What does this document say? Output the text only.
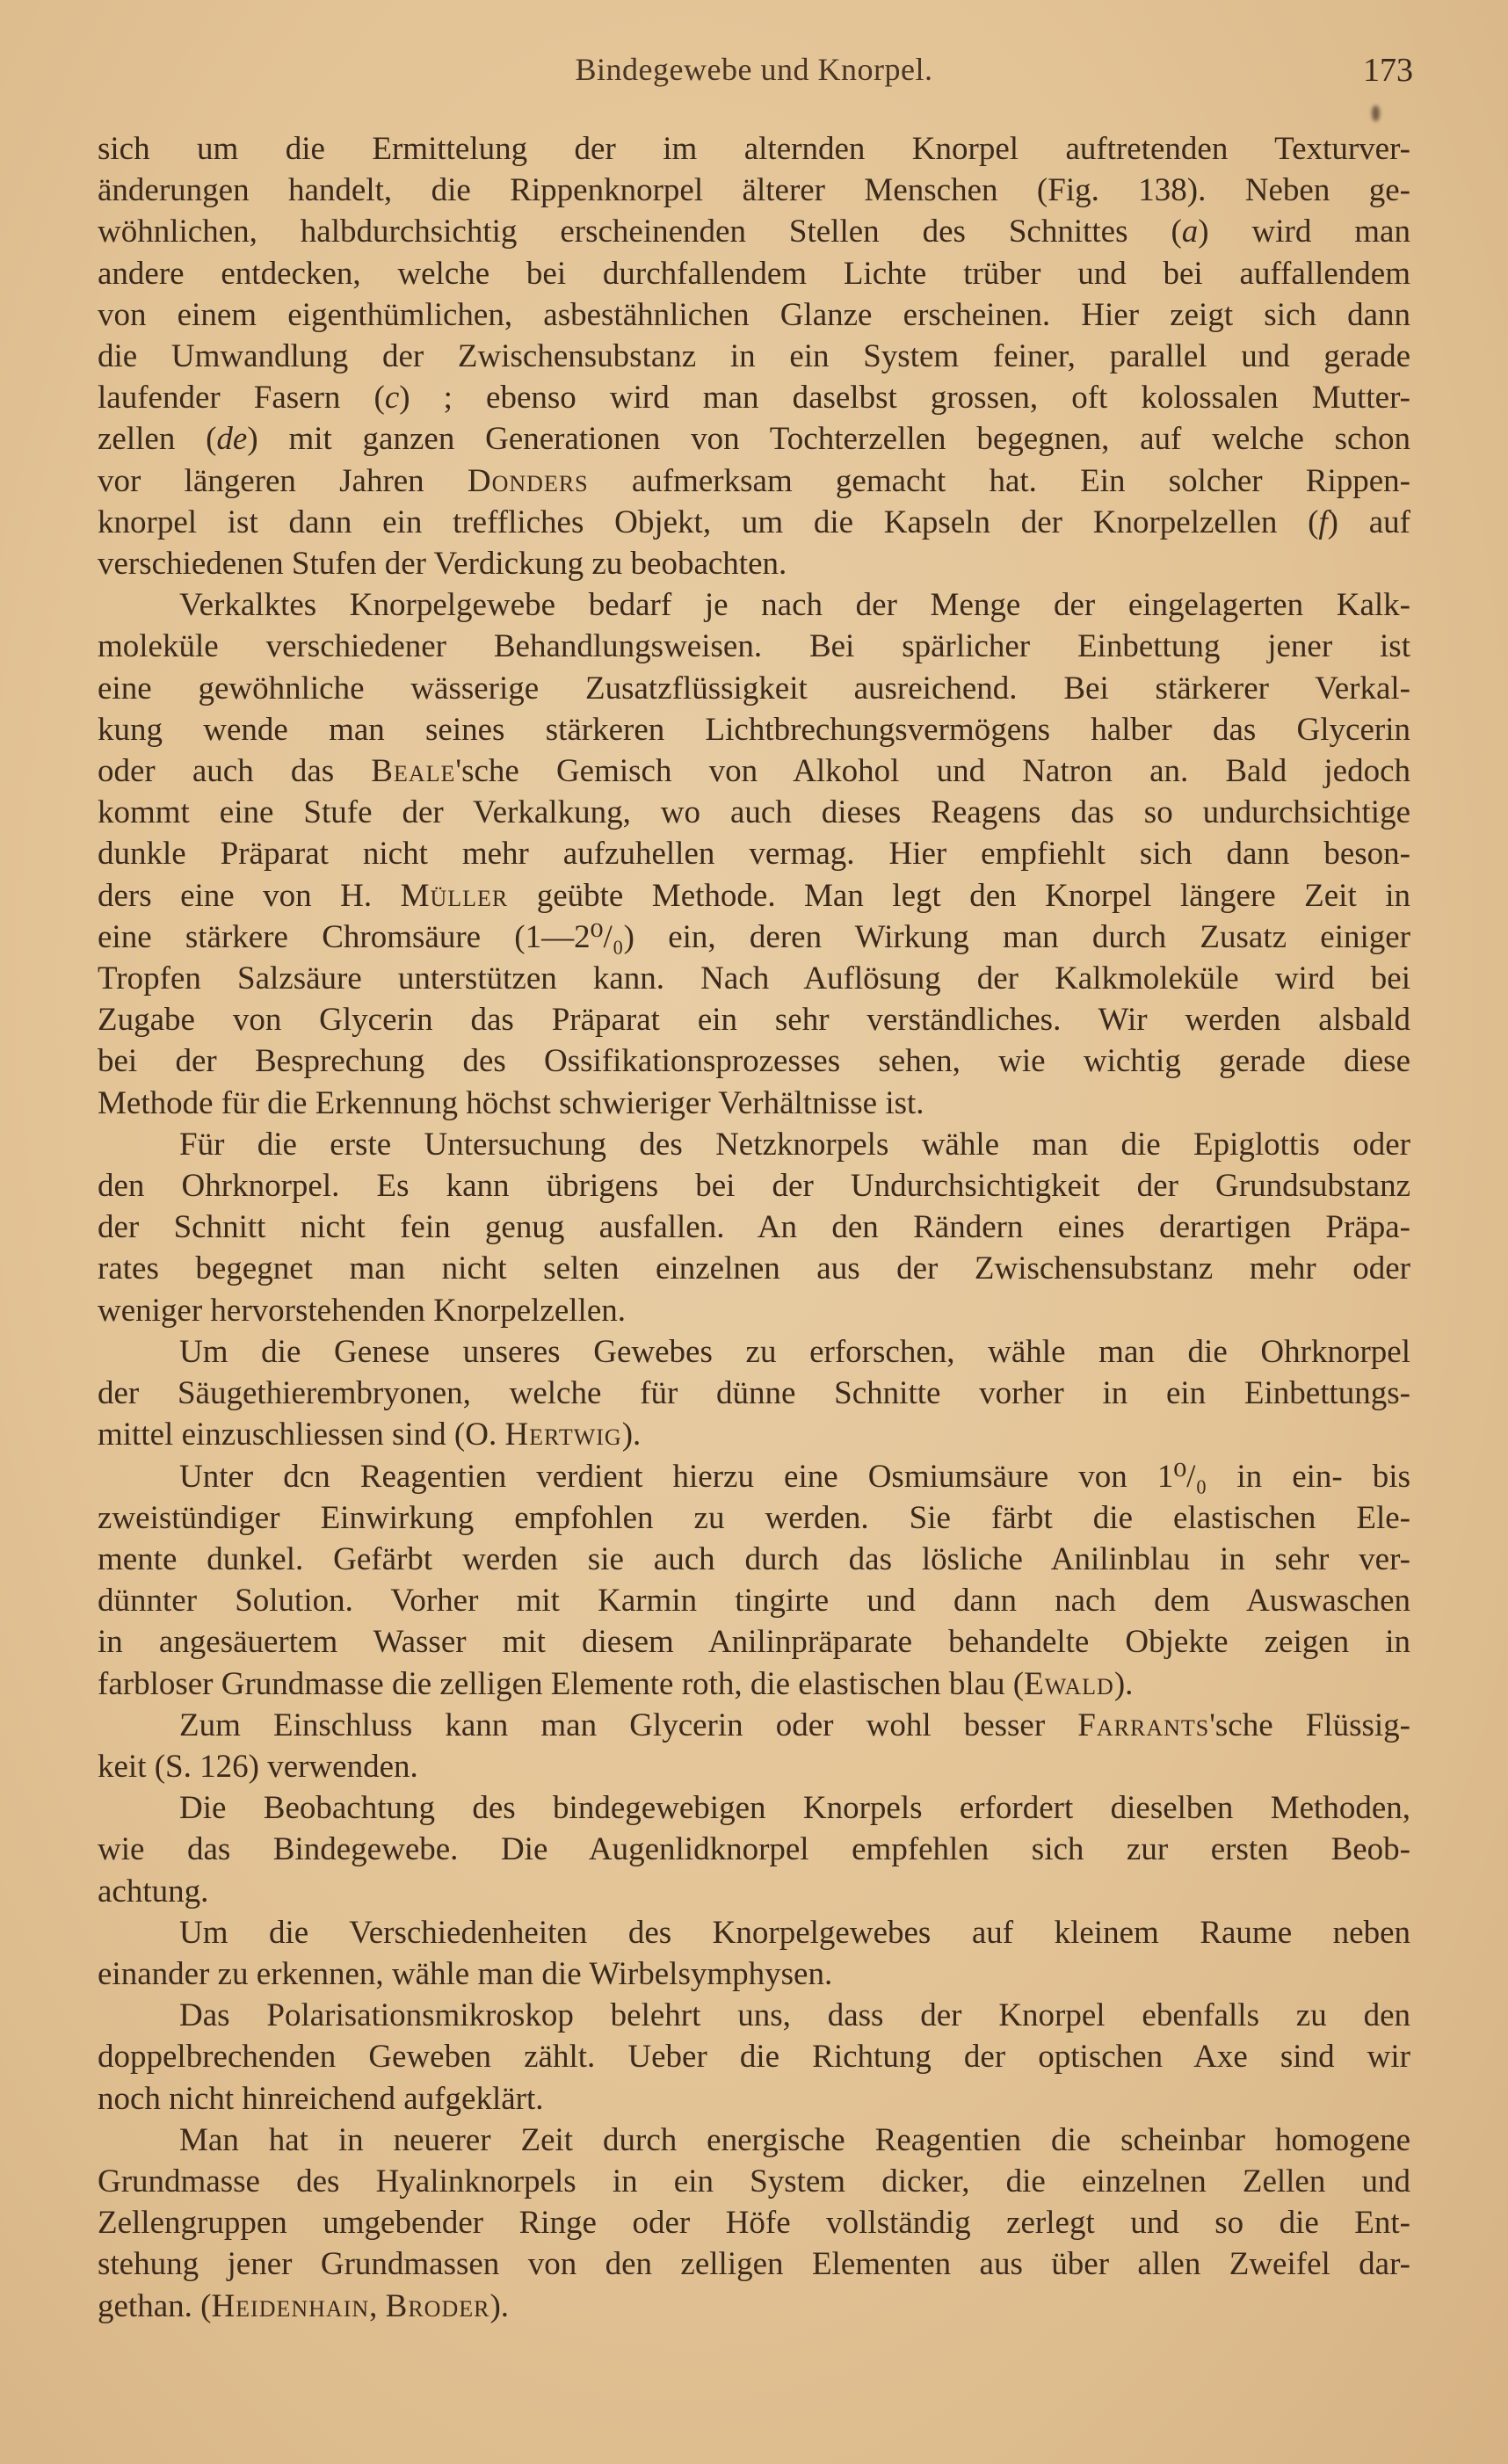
Bindegewebe und Knorpel.	173
sich um die Ermittelung der im alternden Knorpel auftretenden Texturver-
änderungen handelt, die Rippenknorpel älterer Menschen (Fig. 138). Neben ge-
wöhnlichen, halbdurchsichtig erscheinenden Stellen des Schnittes (a) wird man
andere entdecken, welche bei durchfallendem Lichte trüber und bei auffallendem
von einem eigenthümlichen, asbestähnlichen Glanze erscheinen. Hier zeigt sich dann
die Umwandlung der Zwischensubstanz in ein System feiner, parallel und gerade
laufender Fasern (c) ; ebenso wird man daselbst grossen, oft kolossalen Mutter-
zellen (de) mit ganzen Generationen von Tochterzellen begegnen, auf welche schon
vor längeren Jahren Donders aufmerksam gemacht hat. Ein solcher Rippen-
knorpel ist dann ein treffliches Objekt, um die Kapseln der Knorpelzellen (f) auf
verschiedenen Stufen der Verdickung zu beobachten.
Verkalktes Knorpelgewebe bedarf je nach der Menge der eingelagerten Kalk-
moleküle verschiedener Behandlungsweisen. Bei spärlicher Einbettung jener ist
eine gewöhnliche wässerige Zusatzflüssigkeit ausreichend. Bei stärkerer Verkal-
kung wende man seines stärkeren Lichtbrechungsvermögens halber das Glycerin
oder auch das Beale'sche Gemisch von Alkohol und Natron an. Bald jedoch
kommt eine Stufe der Verkalkung, wo auch dieses Reagens das so undurchsichtige
dunkle Präparat nicht mehr aufzuhellen vermag. Hier empfiehlt sich dann beson-
ders eine von H. Müller geübte Methode. Man legt den Knorpel längere Zeit in
eine stärkere Chromsäure (1—2⁰/₀) ein, deren Wirkung man durch Zusatz einiger
Tropfen Salzsäure unterstützen kann. Nach Auflösung der Kalkmoleküle wird bei
Zugabe von Glycerin das Präparat ein sehr verständliches. Wir werden alsbald
bei der Besprechung des Ossifikationsprozesses sehen, wie wichtig gerade diese
Methode für die Erkennung höchst schwieriger Verhältnisse ist.
Für die erste Untersuchung des Netzknorpels wähle man die Epiglottis oder
den Ohrknorpel. Es kann übrigens bei der Undurchsichtigkeit der Grundsubstanz
der Schnitt nicht fein genug ausfallen. An den Rändern eines derartigen Präpa-
rates begegnet man nicht selten einzelnen aus der Zwischensubstanz mehr oder
weniger hervorstehenden Knorpelzellen.
Um die Genese unseres Gewebes zu erforschen, wähle man die Ohrknorpel
der Säugethierembryonen, welche für dünne Schnitte vorher in ein Einbettungs-
mittel einzuschliessen sind (O. Hertwig).
Unter dcn Reagentien verdient hierzu eine Osmiumsäure von 1⁰/₀ in ein- bis
zweistündiger Einwirkung empfohlen zu werden. Sie färbt die elastischen Ele-
mente dunkel. Gefärbt werden sie auch durch das lösliche Anilinblau in sehr ver-
dünnter Solution. Vorher mit Karmin tingirte und dann nach dem Auswaschen
in angesäuertem Wasser mit diesem Anilinpräparate behandelte Objekte zeigen in
farbloser Grundmasse die zelligen Elemente roth, die elastischen blau (Ewald).
Zum Einschluss kann man Glycerin oder wohl besser Farrants'sche Flüssig-
keit (S. 126) verwenden.
Die Beobachtung des bindegewebigen Knorpels erfordert dieselben Methoden,
wie das Bindegewebe. Die Augenlidknorpel empfehlen sich zur ersten Beob-
achtung.
Um die Verschiedenheiten des Knorpelgewebes auf kleinem Raume neben
einander zu erkennen, wähle man die Wirbelsymphysen.
Das Polarisationsmikroskop belehrt uns, dass der Knorpel ebenfalls zu den
doppelbrechenden Geweben zählt. Ueber die Richtung der optischen Axe sind wir
noch nicht hinreichend aufgeklärt.
Man hat in neuerer Zeit durch energische Reagentien die scheinbar homogene
Grundmasse des Hyalinknorpels in ein System dicker, die einzelnen Zellen und
Zellengruppen umgebender Ringe oder Höfe vollständig zerlegt und so die Ent-
stehung jener Grundmassen von den zelligen Elementen aus über allen Zweifel dar-
gethan. (Heidenhain, Broder).
